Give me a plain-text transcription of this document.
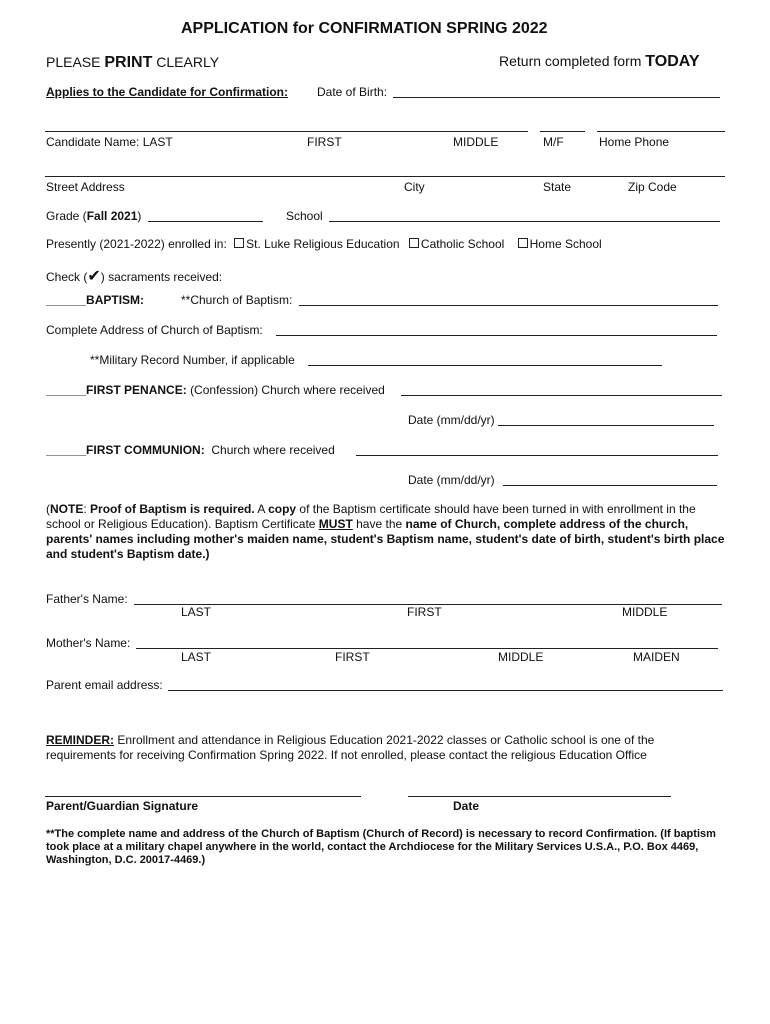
APPLICATION for CONFIRMATION SPRING 2022
PLEASE PRINT CLEARLY	Return completed form TODAY
Applies to the Candidate for Confirmation: Date of Birth:
Candidate Name: LAST	FIRST	MIDDLE	M/F	Home Phone
Street Address	City	State	Zip Code
Grade (Fall 2021)	School
Presently (2021-2022) enrolled in: St. Luke Religious Education Catholic School Home School
Check (✔) sacraments received:
______BAPTISM:	**Church of Baptism:
Complete Address of Church of Baptism:
**Military Record Number, if applicable
______FIRST PENANCE: (Confession) Church where received
Date (mm/dd/yr)
______FIRST COMMUNION: Church where received
Date (mm/dd/yr)
(NOTE: Proof of Baptism is required. A copy of the Baptism certificate should have been turned in with enrollment in the school or Religious Education). Baptism Certificate MUST have the name of Church, complete address of the church, parents' names including mother's maiden name, student's Baptism name, student's date of birth, student's birth place and student's Baptism date.)
Father's Name:
LAST	FIRST	MIDDLE
Mother's Name:
LAST	FIRST	MIDDLE	MAIDEN
Parent email address:
REMINDER: Enrollment and attendance in Religious Education 2021-2022 classes or Catholic school is one of the requirements for receiving Confirmation Spring 2022. If not enrolled, please contact the religious Education Office
Parent/Guardian Signature	Date
**The complete name and address of the Church of Baptism (Church of Record) is necessary to record Confirmation. (If baptism took place at a military chapel anywhere in the world, contact the Archdiocese for the Military Services U.S.A., P.O. Box 4469, Washington, D.C. 20017-4469.)
